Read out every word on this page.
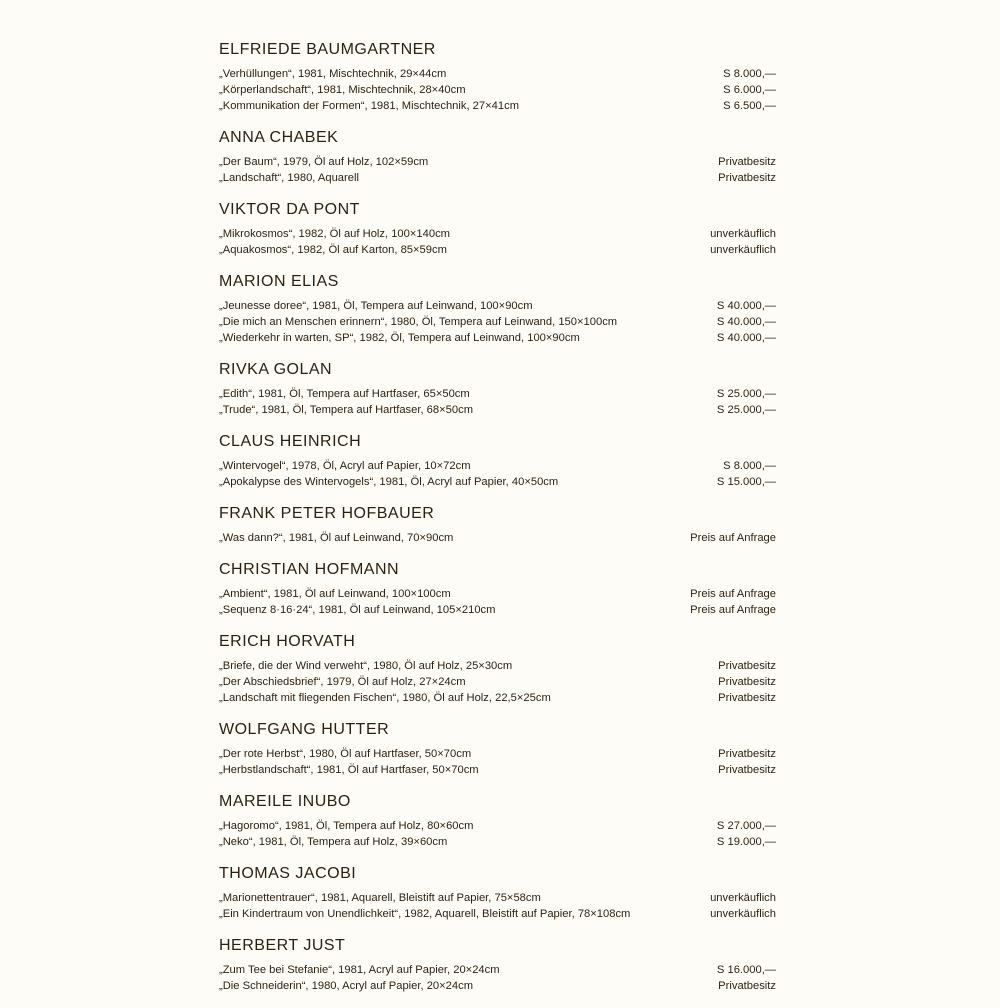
ELFRIEDE BAUMGARTNER
„Verhüllungen“, 1981, Mischtechnik, 29×44cm	S 8.000,—
„Körperlandschaft“, 1981, Mischtechnik, 28×40cm	S 6.000,—
„Kommunikation der Formen“, 1981, Mischtechnik, 27×41cm	S 6.500,—
ANNA CHABEK
„Der Baum“, 1979, Öl auf Holz, 102×59cm	Privatbesitz
„Landschaft“, 1980, Aquarell	Privatbesitz
VIKTOR DA PONT
„Mikrokosmos“, 1982, Öl auf Holz, 100×140cm	unverkäuflich
„Aquakosmos“, 1982, Öl auf Karton, 85×59cm	unverkäuflich
MARION ELIAS
„Jeunesse doree“, 1981, Öl, Tempera auf Leinwand, 100×90cm	S 40.000,—
„Die mich an Menschen erinnern“, 1980, Öl, Tempera auf Leinwand, 150×100cm	S 40.000,—
„Wiederkehr in warten, SP“, 1982, Öl, Tempera auf Leinwand, 100×90cm	S 40.000,—
RIVKA GOLAN
„Edith“, 1981, Öl, Tempera auf Hartfaser, 65×50cm	S 25.000,—
„Trude“, 1981, Öl, Tempera auf Hartfaser, 68×50cm	S 25.000,—
CLAUS HEINRICH
„Wintervogel“, 1978, Öl, Acryl auf Papier, 10×72cm	S 8.000,—
„Apokalypse des Wintervogels“, 1981, Öl, Acryl auf Papier, 40×50cm	S 15.000,—
FRANK PETER HOFBAUER
„Was dann?“, 1981, Öl auf Leinwand, 70×90cm	Preis auf Anfrage
CHRISTIAN HOFMANN
„Ambient“, 1981, Öl auf Leinwand, 100×100cm	Preis auf Anfrage
„Sequenz 8·16·24“, 1981, Öl auf Leinwand, 105×210cm	Preis auf Anfrage
ERICH HORVATH
„Briefe, die der Wind verweht“, 1980, Öl auf Holz, 25×30cm	Privatbesitz
„Der Abschiedsbrief“, 1979, Öl auf Holz, 27×24cm	Privatbesitz
„Landschaft mit fliegenden Fischen“, 1980, Öl auf Holz, 22,5×25cm	Privatbesitz
WOLFGANG HUTTER
„Der rote Herbst“, 1980, Öl auf Hartfaser, 50×70cm	Privatbesitz
„Herbstlandschaft“, 1981, Öl auf Hartfaser, 50×70cm	Privatbesitz
MAREILE INUBO
„Hagoromo“, 1981, Öl, Tempera auf Holz, 80×60cm	S 27.000,—
„Neko“, 1981, Öl, Tempera auf Holz, 39×60cm	S 19.000,—
THOMAS JACOBI
„Marionettentrauer“, 1981, Aquarell, Bleistift auf Papier, 75×58cm	unverkäuflich
„Ein Kindertraum von Unendlichkeit“, 1982, Aquarell, Bleistift auf Papier, 78×108cm	unverkäuflich
HERBERT JUST
„Zum Tee bei Stefanie“, 1981, Acryl auf Papier, 20×24cm	S 16.000,—
„Die Schneiderin“, 1980, Acryl auf Papier, 20×24cm	Privatbesitz
